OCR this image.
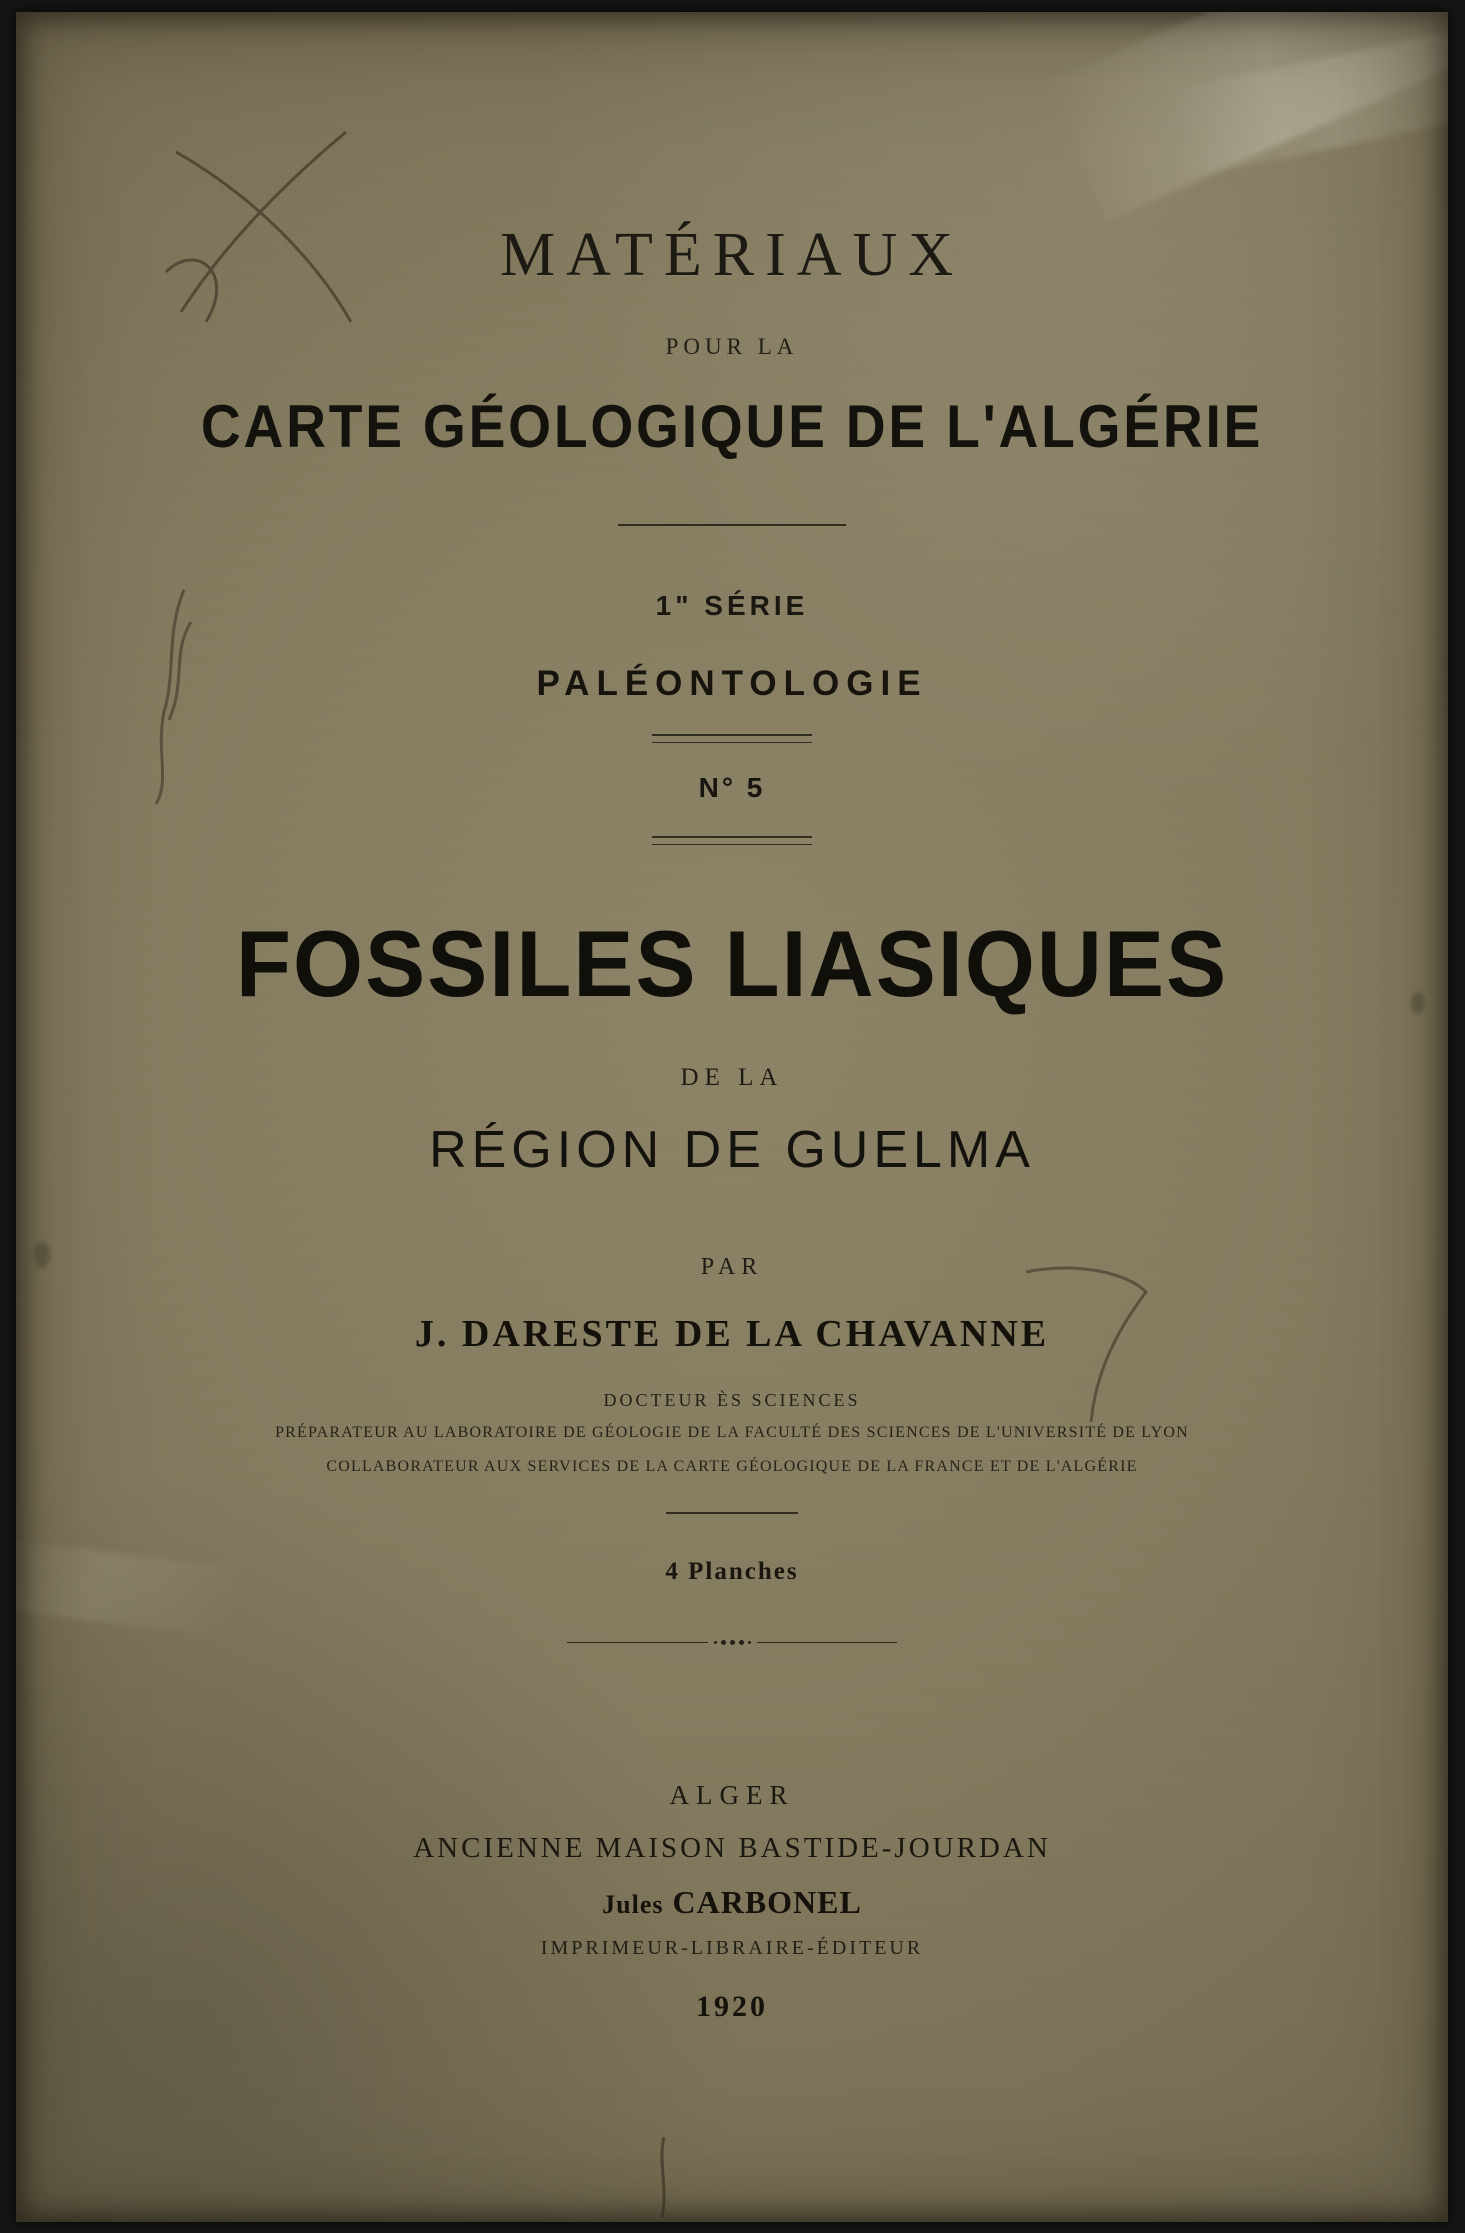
MATÉRIAUX
POUR LA
CARTE GÉOLOGIQUE DE L'ALGÉRIE
1" SÉRIE
PALÉONTOLOGIE
N° 5
FOSSILES LIASIQUES
DE LA
RÉGION DE GUELMA
PAR
J. DARESTE DE LA CHAVANNE
DOCTEUR ÈS SCIENCES
PRÉPARATEUR AU LABORATOIRE DE GÉOLOGIE DE LA FACULTÉ DES SCIENCES DE L'UNIVERSITÉ DE LYON
COLLABORATEUR AUX SERVICES DE LA CARTE GÉOLOGIQUE DE LA FRANCE ET DE L'ALGÉRIE
4 Planches
ALGER
ANCIENNE MAISON BASTIDE-JOURDAN
Jules CARBONEL
IMPRIMEUR-LIBRAIRE-ÉDITEUR
1920
